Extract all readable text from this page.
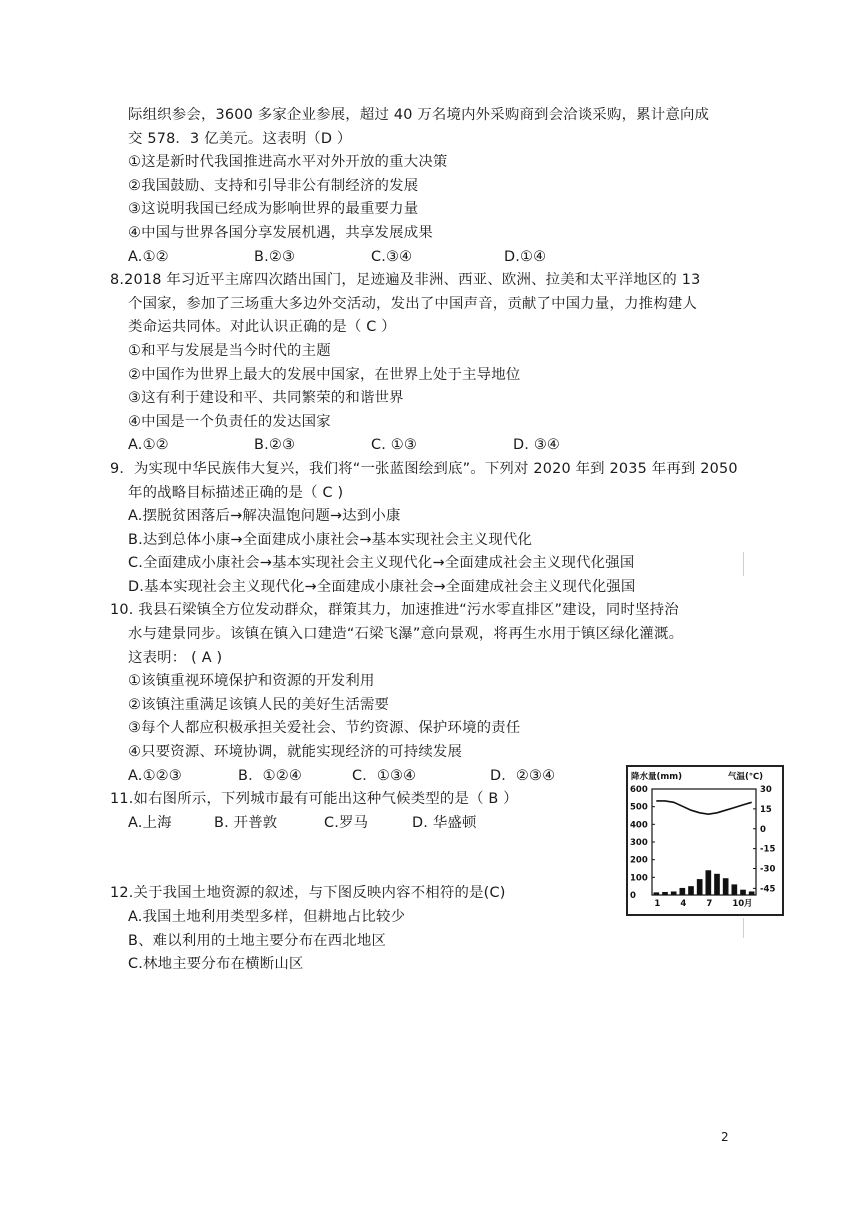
际组织参会，3600 多家企业参展，超过 40 万名境内外采购商到会洽谈采购，累计意向成
交 578．3 亿美元。这表明（D ）
①这是新时代我国推进高水平对外开放的重大决策
②我国鼓励、支持和引导非公有制经济的发展
③这说明我国已经成为影响世界的最重要力量
④中国与世界各国分享发展机遇，共享发展成果
A.①②	B.②③	C.③④	D.①④
8.2018 年习近平主席四次踏出国门，足迹遍及非洲、西亚、欧洲、拉美和太平洋地区的 13
个国家，参加了三场重大多边外交活动，发出了中国声音，贡献了中国力量，力推构建人
类命运共同体。对此认识正确的是（ C ）
①和平与发展是当今时代的主题
②中国作为世界上最大的发展中国家，在世界上处于主导地位
③这有利于建设和平、共同繁荣的和谐世界
④中国是一个负责任的发达国家
A.①②	B.②③	C. ①③	D. ③④
9．为实现中华民族伟大复兴，我们将“一张蓝图绘到底”。下列对 2020 年到 2035 年再到 2050
年的战略目标描述正确的是（ C )
A.摆脱贫困落后→解决温饱问题→达到小康
B.达到总体小康→全面建成小康社会→基本实现社会主义现代化
C.全面建成小康社会→基本实现社会主义现代化→全面建成社会主义现代化强国
D.基本实现社会主义现代化→全面建成小康社会→全面建成社会主义现代化强国
10. 我县石梁镇全方位发动群众，群策其力，加速推进“污水零直排区”建设，同时坚持治
水与建景同步。该镇在镇入口建造“石梁飞瀑”意向景观，将再生水用于镇区绿化灌溉。
这表明： ( A )
①该镇重视环境保护和资源的开发利用
②该镇注重满足该镇人民的美好生活需要
③每个人都应积极承担关爱社会、节约资源、保护环境的责任
④只要资源、环境协调，就能实现经济的可持续发展
A.①②③	B．①②④	C．①③④	D．②③④
11.如右图所示，下列城市最有可能出这种气候类型的是（ B ）
A.上海	B. 开普敦	C.罗马	D. 华盛顿
12.关于我国土地资源的叙述，与下图反映内容不相符的是(C)
A.我国土地利用类型多样，但耕地占比较少
B、难以利用的土地主要分布在西北地区
C.林地主要分布在横断山区
降水量(mm)	气温(℃)
600
500
400
300
200
100
0
30
15
0
-15
-30
-45
1 4 7 10 月
2
